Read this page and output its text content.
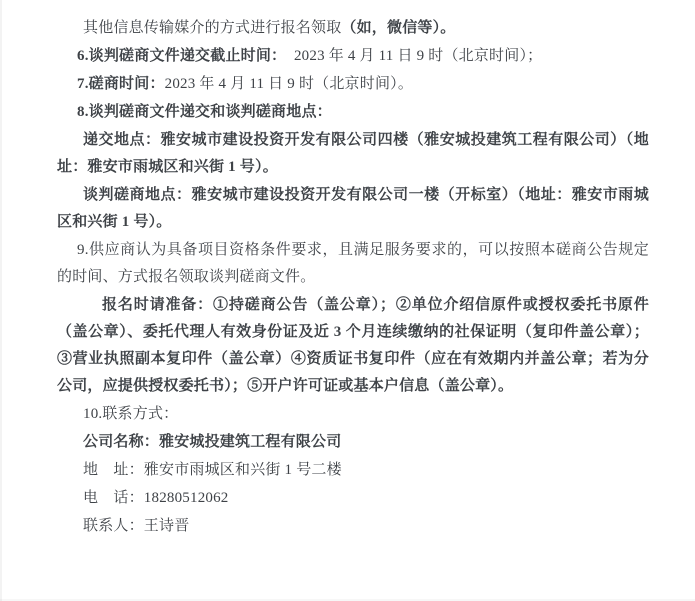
其他信息传输媒介的方式进行报名领取（如，微信等）。

6.谈判磋商文件递交截止时间：　2023 年 4 月 11 日 9 时（北京时间）；

7.磋商时间：2023 年 4 月 11 日 9 时（北京时间）。

8.谈判磋商文件递交和谈判磋商地点：

递交地点：雅安城市建设投资开发有限公司四楼（雅安城投建筑工程有限公司）（地址：雅安市雨城区和兴街 1 号）。

谈判磋商地点：雅安城市建设投资开发有限公司一楼（开标室）（地址：雅安市雨城区和兴街 1 号）。

9.供应商认为具备项目资格条件要求，且满足服务要求的，可以按照本磋商公告规定的时间、方式报名领取谈判磋商文件。

报名时请准备：①持磋商公告（盖公章）；②单位介绍信原件或授权委托书原件（盖公章）、委托代理人有效身份证及近 3 个月连续缴纳的社保证明（复印件盖公章）；③营业执照副本复印件（盖公章）④资质证书复印件（应在有效期内并盖公章；若为分公司，应提供授权委托书）；⑤开户许可证或基本户信息（盖公章）。

10.联系方式：

公司名称：雅安城投建筑工程有限公司

地　址：雅安市雨城区和兴街 1 号二楼

电　话：18280512062

联系人：王诗晋
